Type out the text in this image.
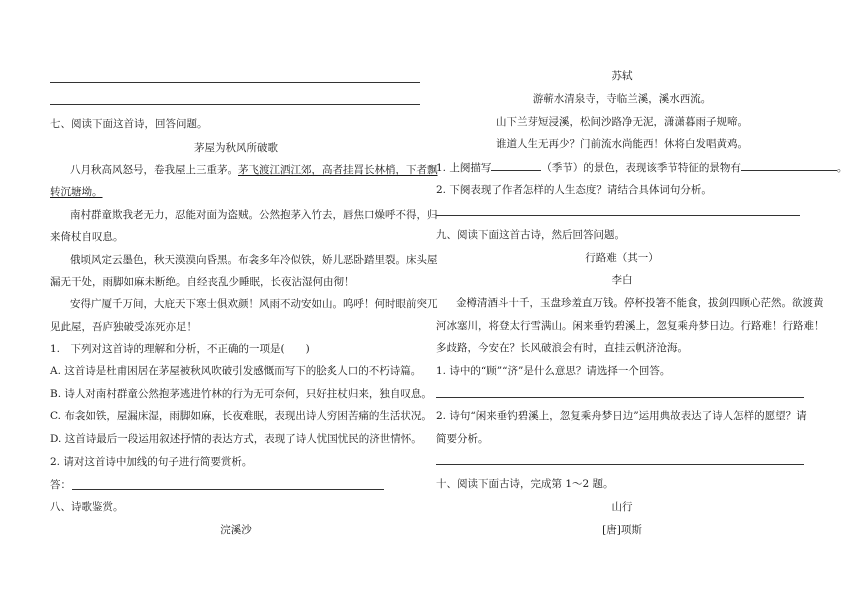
七、阅读下面这首诗，回答问题。
茅屋为秋风所破歌
八月秋高风怒号，卷我屋上三重茅。茅飞渡江洒江郊，高者挂罥长林梢，下者飘
转沉塘坳。
南村群童欺我老无力，忍能对面为盗贼。公然抱茅入竹去，唇焦口燥呼不得，归
来倚杖自叹息。
俄顷风定云墨色，秋天漠漠向昏黑。布衾多年冷似铁，娇儿恶卧踏里裂。床头屋
漏无干处，雨脚如麻未断绝。自经丧乱少睡眠，长夜沾湿何由彻！
安得广厦千万间，大庇天下寒士俱欢颜！风雨不动安如山。呜呼！何时眼前突兀
见此屋，吾庐独破受冻死亦足！
1.　下列对这首诗的理解和分析，不正确的一项是(　　)
A. 这首诗是杜甫困居在茅屋被秋风吹破引发感慨而写下的脍炙人口的不朽诗篇。
B. 诗人对南村群童公然抱茅逃进竹林的行为无可奈何，只好拄杖归来，独自叹息。
C. 布衾如铁，屋漏床湿，雨脚如麻，长夜难眠，表现出诗人穷困苦痛的生活状况。
D. 这首诗最后一段运用叙述抒情的表达方式，表现了诗人忧国忧民的济世情怀。
2. 请对这首诗中加线的句子进行简要赏析。
答：
八、诗歌鉴赏。
浣溪沙
苏轼
游蕲水清泉寺，寺临兰溪，溪水西流。
山下兰芽短浸溪，松间沙路净无泥，潇潇暮雨子规啼。
谁道人生无再少？门前流水尚能西！休将白发唱黄鸡。
1. 上阕描写	（季节）的景色，表现该季节特征的景物有	。
2. 下阕表现了作者怎样的人生态度？请结合具体词句分析。
九、阅读下面这首古诗，然后回答问题。
行路难（其一）
李白
金樽清酒斗十千，玉盘珍羞直万钱。停杯投箸不能食，拔剑四顾心茫然。欲渡黄
河冰塞川，将登太行雪满山。闲来垂钓碧溪上，忽复乘舟梦日边。行路难！行路难！
多歧路，今安在？长风破浪会有时，直挂云帆济沧海。
1. 诗中的“顾”“济”是什么意思？请选择一个回答。
2. 诗句“闲来垂钓碧溪上，忽复乘舟梦日边”运用典故表达了诗人怎样的愿望？请
简要分析。
十、阅读下面古诗，完成第 1～2 题。
山行
[唐]项斯
